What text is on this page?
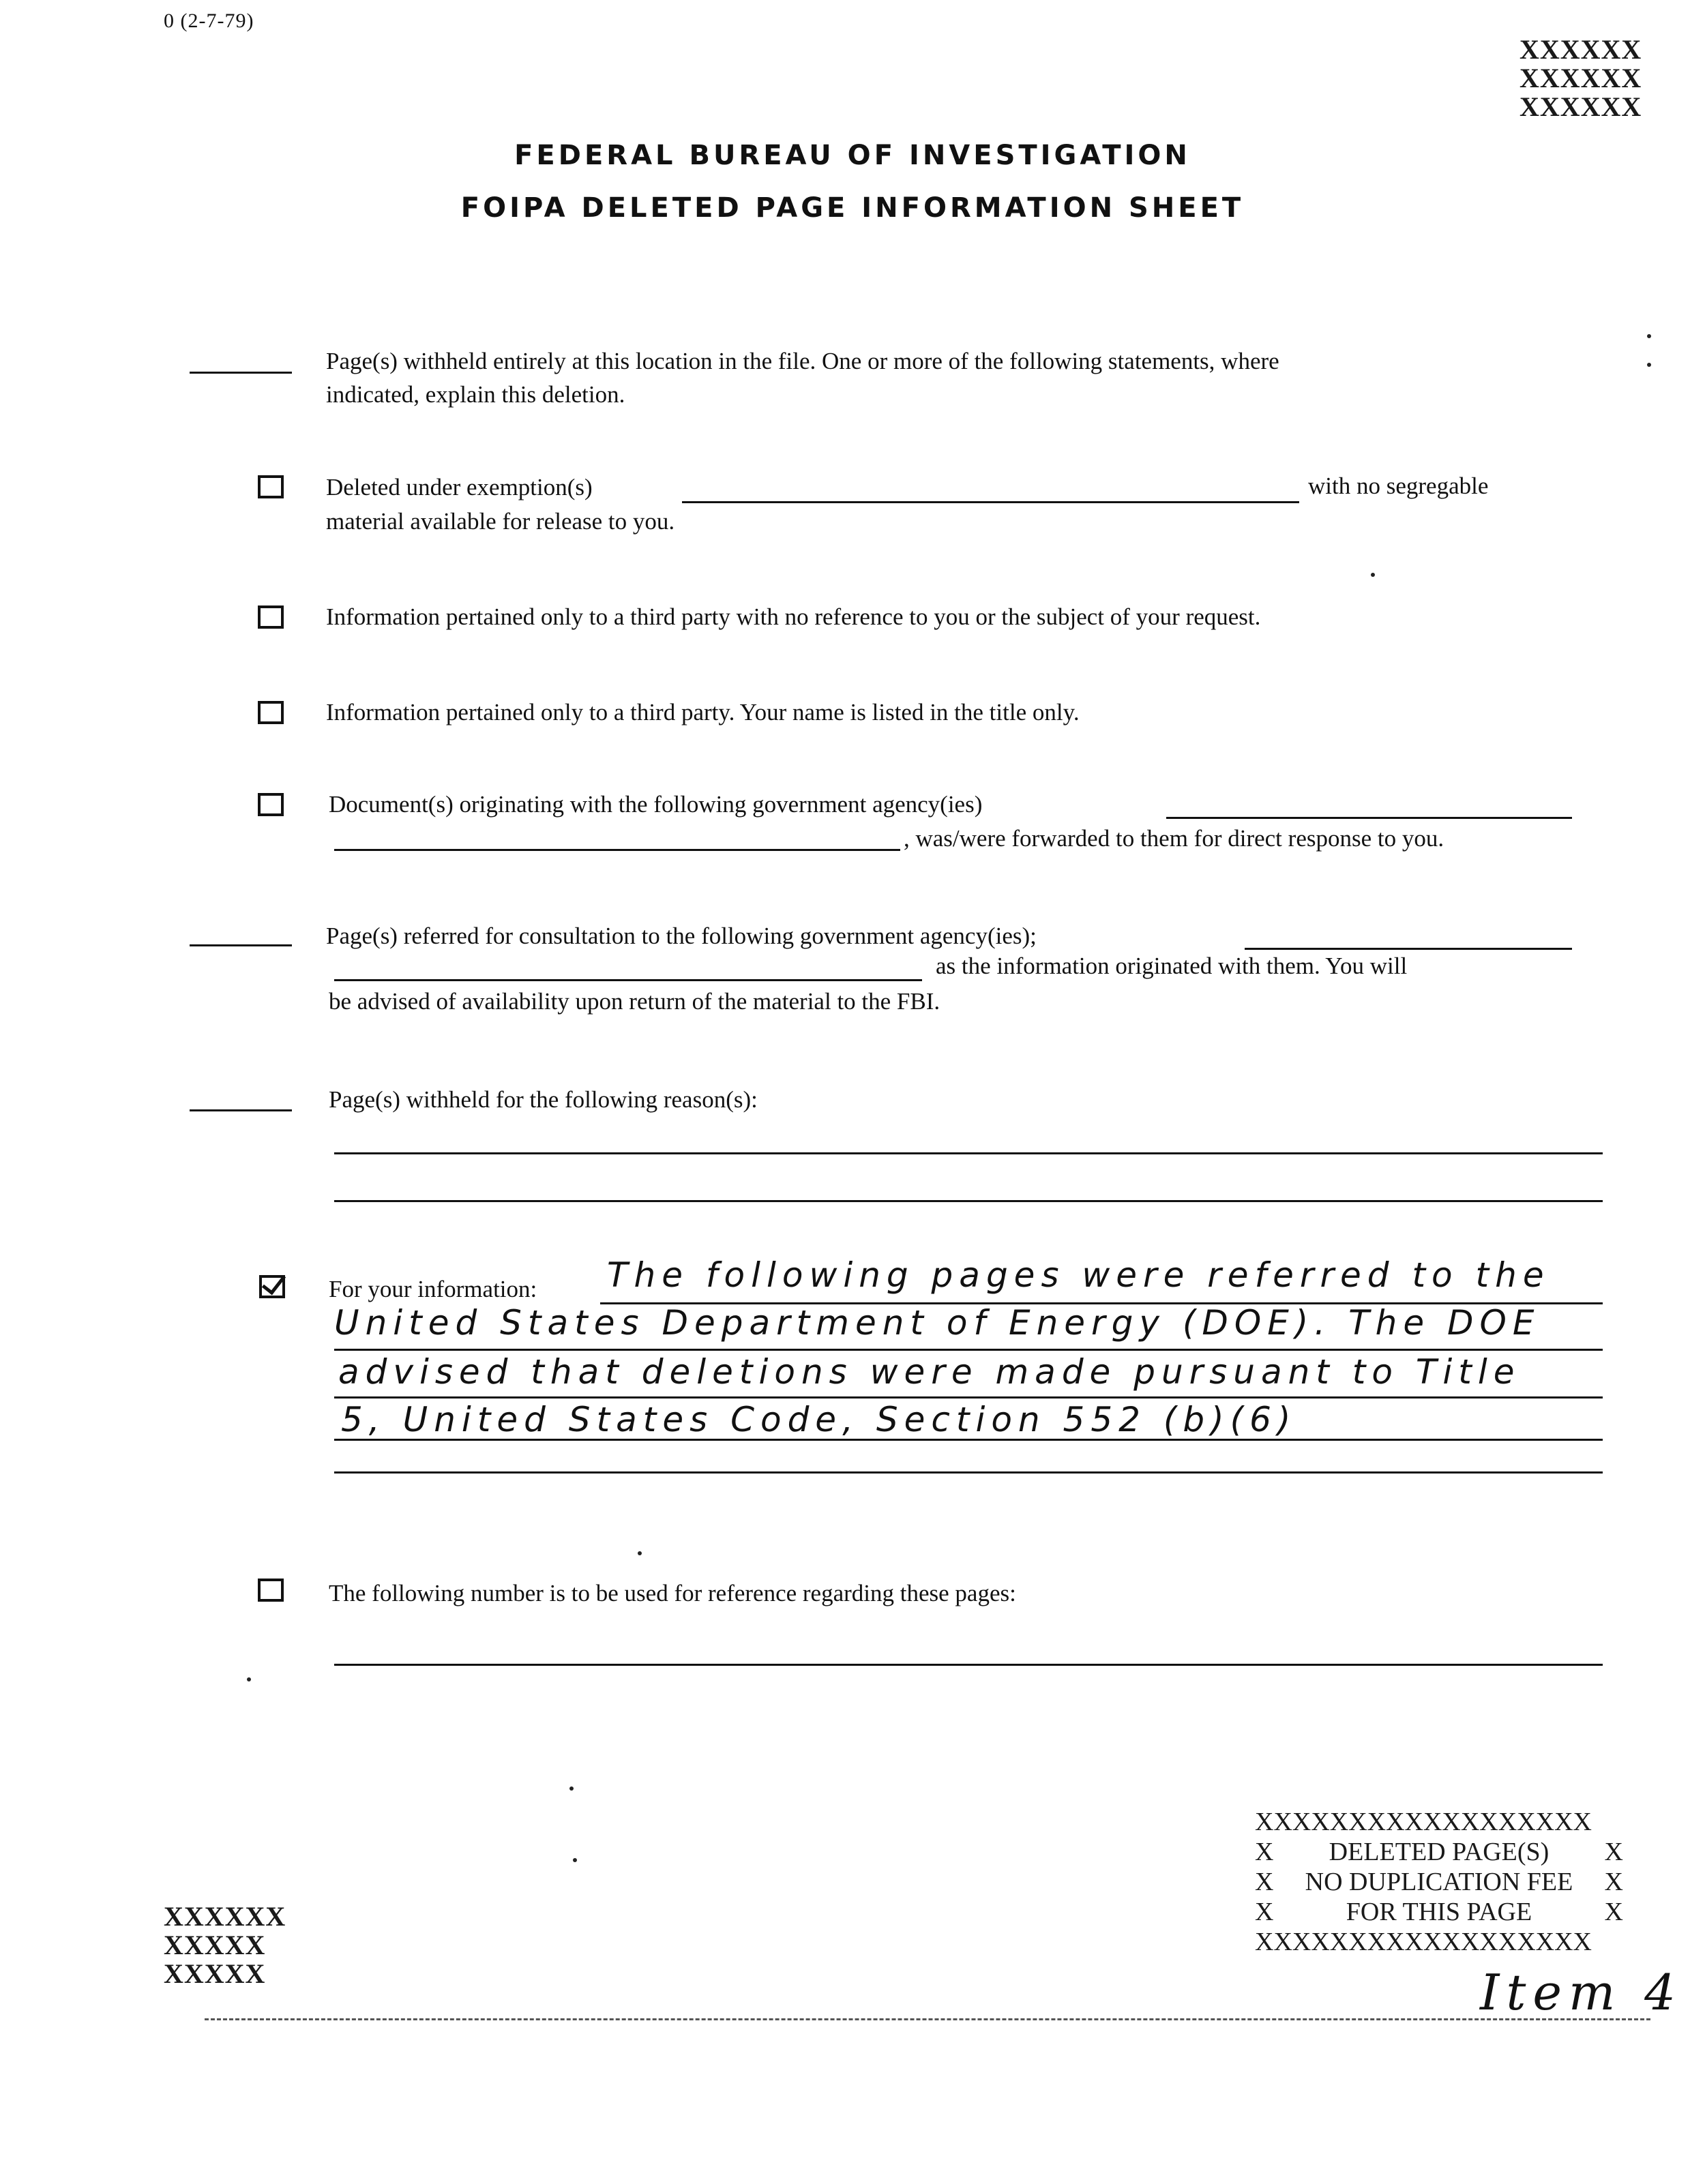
0 (2-7-79)
XXXXXX
XXXXXX
XXXXXX
FEDERAL BUREAU OF INVESTIGATION
FOIPA DELETED PAGE INFORMATION SHEET
Page(s) withheld entirely at this location in the file. One or more of the following statements, where
indicated, explain this deletion.
Deleted under exemption(s)	with no segregable
material available for release to you.
Information pertained only to a third party with no reference to you or the subject of your request.
Information pertained only to a third party. Your name is listed in the title only.
Document(s) originating with the following government agency(ies)
, was/were forwarded to them for direct response to you.
Page(s) referred for consultation to the following government agency(ies);
as the information originated with them. You will
be advised of availability upon return of the material to the FBI.
Page(s) withheld for the following reason(s):
For your information: The following pages were referred to the
United States Department of Energy (DOE). The DOE
advised that deletions were made pursuant to Title
5, United States Code, Section 552 (b)(6)
The following number is to be used for reference regarding these pages:
XXXXXXXXXXXXXXXXXX
X	DELETED PAGE(S)	X
X	NO DUPLICATION FEE	X
X	FOR THIS PAGE	X
XXXXXXXXXXXXXXXXXX
XXXXXX
XXXXX
XXXXX	Item 4
